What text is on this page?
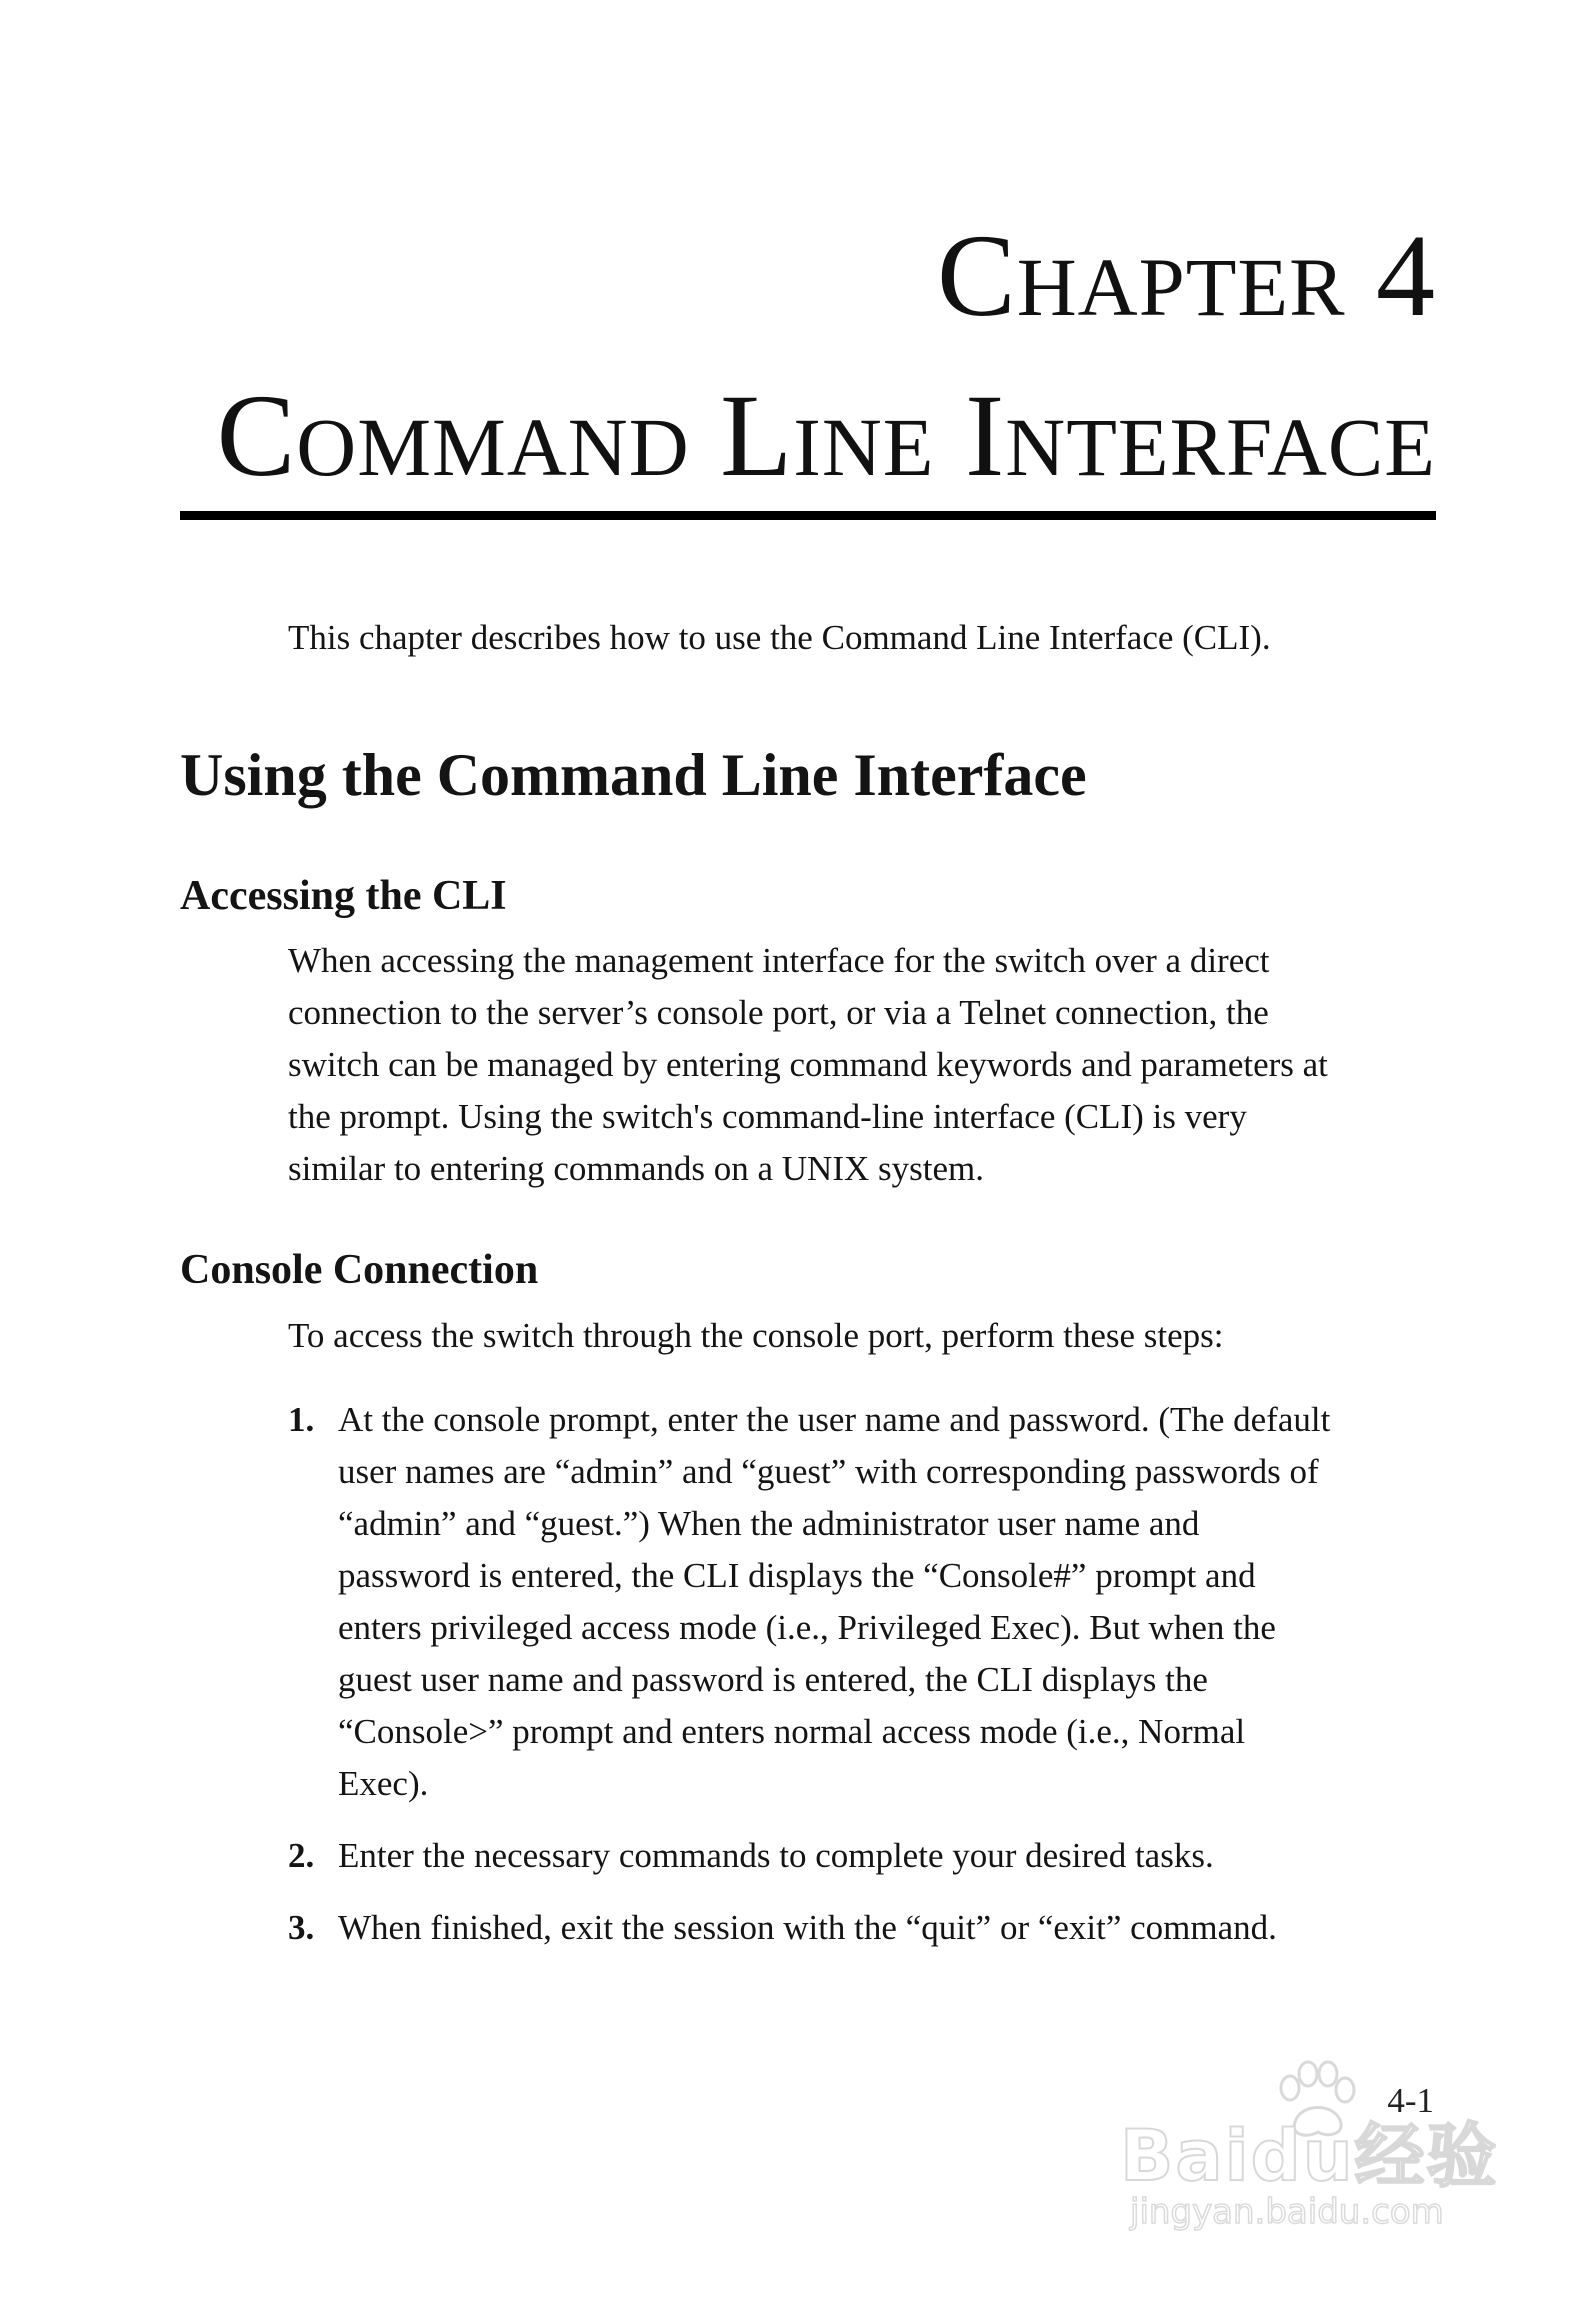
Chapter 4
Command Line Interface
This chapter describes how to use the Command Line Interface (CLI).
Using the Command Line Interface
Accessing the CLI
When accessing the management interface for the switch over a direct
connection to the server’s console port, or via a Telnet connection, the
switch can be managed by entering command keywords and parameters at
the prompt. Using the switch's command-line interface (CLI) is very
similar to entering commands on a UNIX system.
Console Connection
To access the switch through the console port, perform these steps:
1. At the console prompt, enter the user name and password. (The default
user names are “admin” and “guest” with corresponding passwords of
“admin” and “guest.”) When the administrator user name and
password is entered, the CLI displays the “Console#” prompt and
enters privileged access mode (i.e., Privileged Exec). But when the
guest user name and password is entered, the CLI displays the
“Console>” prompt and enters normal access mode (i.e., Normal
Exec).
2. Enter the necessary commands to complete your desired tasks.
3. When finished, exit the session with the “quit” or “exit” command.
4-1
Baidu经验
jingyan.baidu.com
